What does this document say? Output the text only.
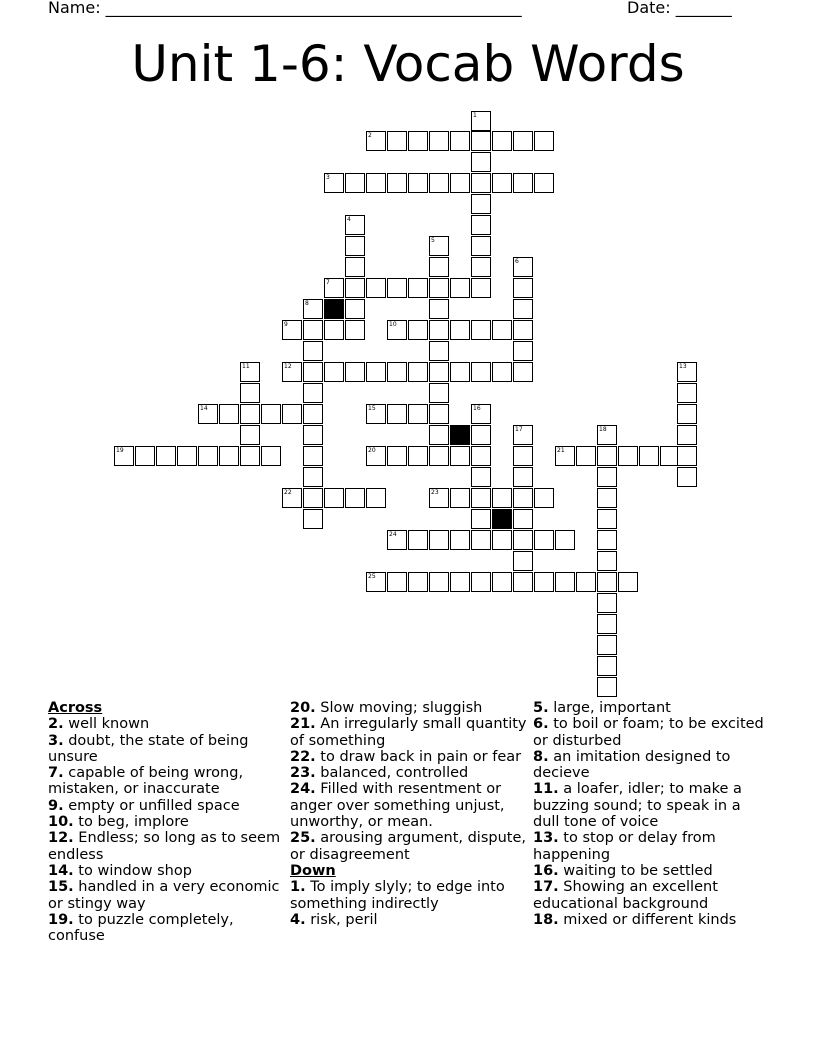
Name: ____________________________________________________	Date: _______
Unit 1-6: Vocab Words
1
2
3
4
5
6
7
8
9	10
11	12	13
14	15	16
17	18
19	20	21
22	23
24
25
Across
2. well known
3. doubt, the state of being unsure
7. capable of being wrong, mistaken, or inaccurate
9. empty or unfilled space
10. to beg, implore
12. Endless; so long as to seem endless
14. to window shop
15. handled in a very economic or stingy way
19. to puzzle completely, confuse
20. Slow moving; sluggish
21. An irregularly small quantity of something
22. to draw back in pain or fear
23. balanced, controlled
24. Filled with resentment or anger over something unjust, unworthy, or mean.
25. arousing argument, dispute, or disagreement
Down
1. To imply slyly; to edge into something indirectly
4. risk, peril
5. large, important
6. to boil or foam; to be excited or disturbed
8. an imitation designed to decieve
11. a loafer, idler; to make a buzzing sound; to speak in a dull tone of voice
13. to stop or delay from happening
16. waiting to be settled
17. Showing an excellent educational background
18. mixed or different kinds
